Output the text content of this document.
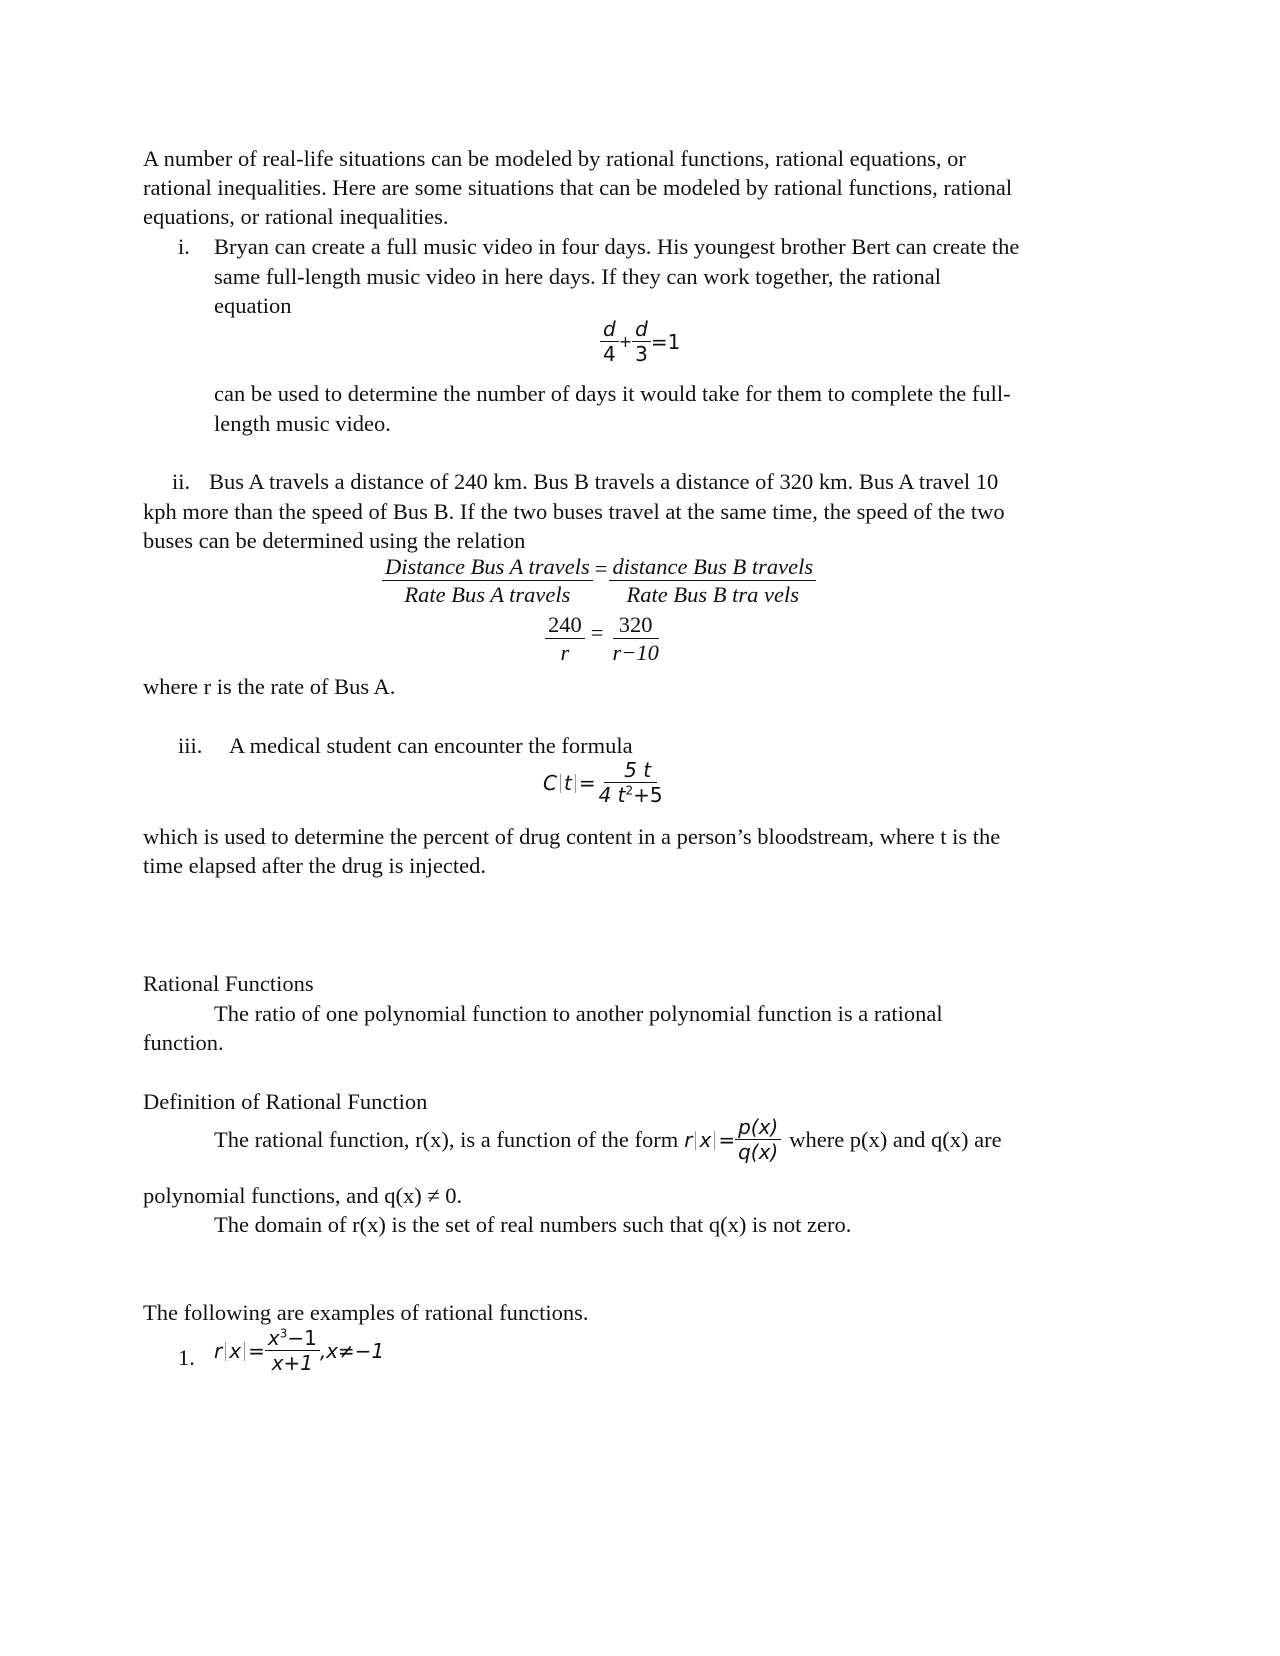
A number of real-life situations can be modeled by rational functions, rational equations, or
rational inequalities. Here are some situations that can be modeled by rational functions, rational
equations, or rational inequalities.
i. Bryan can create a full music video in four days. His youngest brother Bert can create the
same full-length music video in here days. If they can work together, the rational
equation
$\frac{d}{4} + \frac{d}{3} =1$
can be used to determine the number of days it would take for them to complete the full-
length music video.
ii. Bus A travels a distance of 240 km. Bus B travels a distance of 320 km. Bus A travel 10
kph more than the speed of Bus B. If the two buses travel at the same time, the speed of the two
buses can be determined using the relation
$\frac{\text{Distance Bus A travels}}{\text{Rate Bus A travels}} = \frac{\text{distance Bus B travels}}{\text{Rate Bus B tra vels}}$
$\frac{240}{r} = \frac{320}{r-10}$
where r is the rate of Bus A.
iii. A medical student can encounter the formula
C $t = \frac{5 t}{4 t^2+5}$
which is used to determine the percent of drug content in a person’s bloodstream, where t is the
time elapsed after the drug is injected.
Rational Functions
The ratio of one polynomial function to another polynomial function is a rational
function.
Definition of Rational Function
The rational function, r(x), is a function of the form r $x = \frac{p(x)}{q(x)}$ where p(x) and q(x) are
polynomial functions, and q(x) ≠ 0.
The domain of r(x) is the set of real numbers such that q(x) is not zero.
The following are examples of rational functions.
1. r $x = \frac{x^3-1}{x+1} ,x\ne-1$
